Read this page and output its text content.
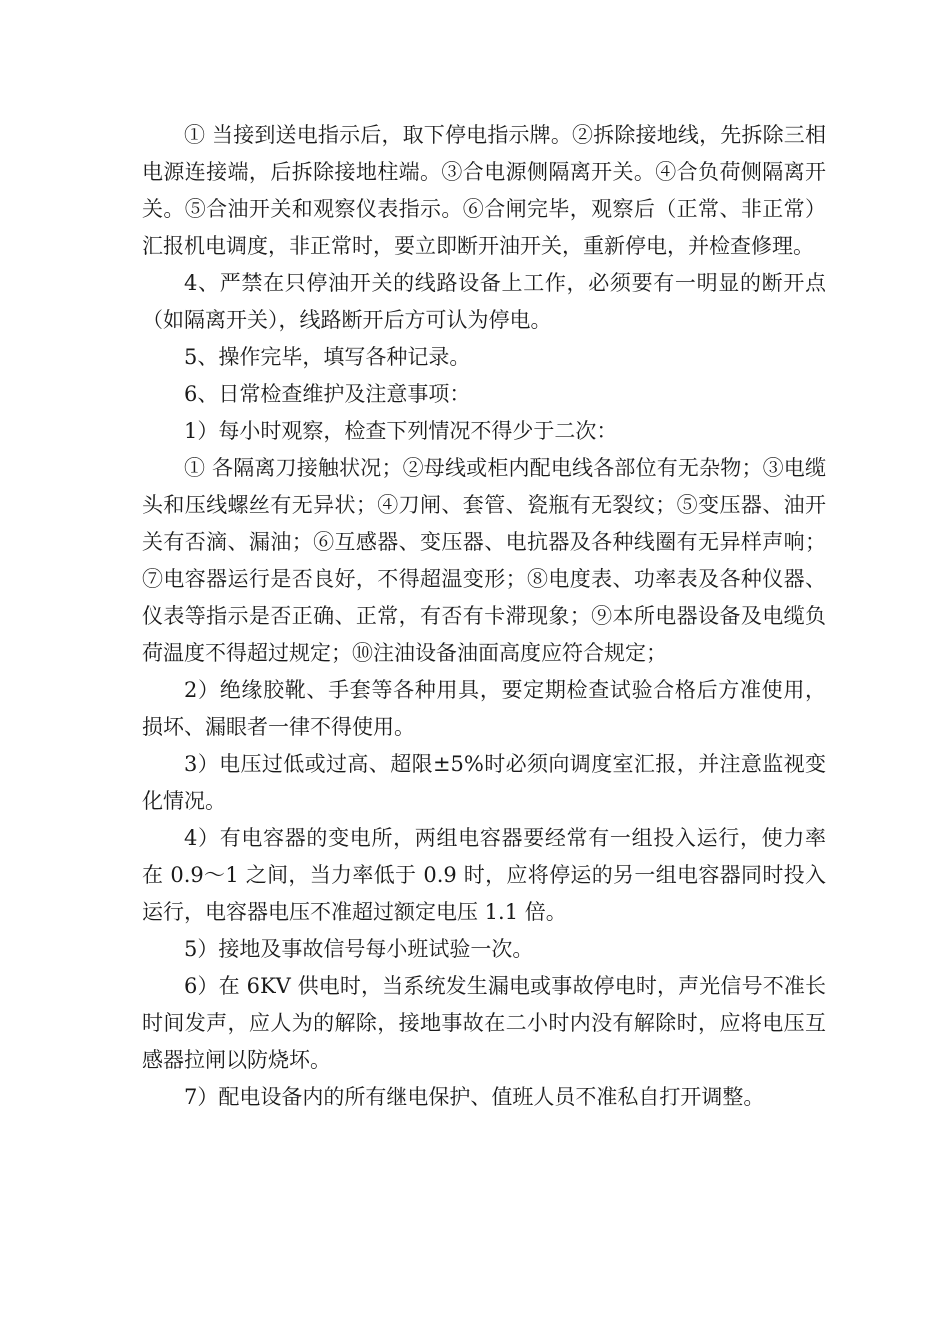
① 当接到送电指示后，取下停电指示牌。②拆除接地线，先拆除三相电源连接端，后拆除接地柱端。③合电源侧隔离开关。④合负荷侧隔离开关。⑤合油开关和观察仪表指示。⑥合闸完毕，观察后（正常、非正常）汇报机电调度，非正常时，要立即断开油开关，重新停电，并检查修理。

4、严禁在只停油开关的线路设备上工作，必须要有一明显的断开点（如隔离开关），线路断开后方可认为停电。

5、操作完毕，填写各种记录。

6、日常检查维护及注意事项：

1）每小时观察，检查下列情况不得少于二次：

① 各隔离刀接触状况；②母线或柜内配电线各部位有无杂物；③电缆头和压线螺丝有无异状；④刀闸、套管、瓷瓶有无裂纹；⑤变压器、油开关有否滴、漏油；⑥互感器、变压器、电抗器及各种线圈有无异样声响；⑦电容器运行是否良好，不得超温变形；⑧电度表、功率表及各种仪器、仪表等指示是否正确、正常，有否有卡滞现象；⑨本所电器设备及电缆负荷温度不得超过规定；⑩注油设备油面高度应符合规定；

2）绝缘胶靴、手套等各种用具，要定期检查试验合格后方准使用，损坏、漏眼者一律不得使用。

3）电压过低或过高、超限±5%时必须向调度室汇报，并注意监视变化情况。

4）有电容器的变电所，两组电容器要经常有一组投入运行，使力率在 0.9～1 之间，当力率低于 0.9 时，应将停运的另一组电容器同时投入运行，电容器电压不准超过额定电压 1.1 倍。

5）接地及事故信号每小班试验一次。

6）在 6KV 供电时，当系统发生漏电或事故停电时，声光信号不准长时间发声，应人为的解除，接地事故在二小时内没有解除时，应将电压互感器拉闸以防烧坏。

7）配电设备内的所有继电保护、值班人员不准私自打开调整。
